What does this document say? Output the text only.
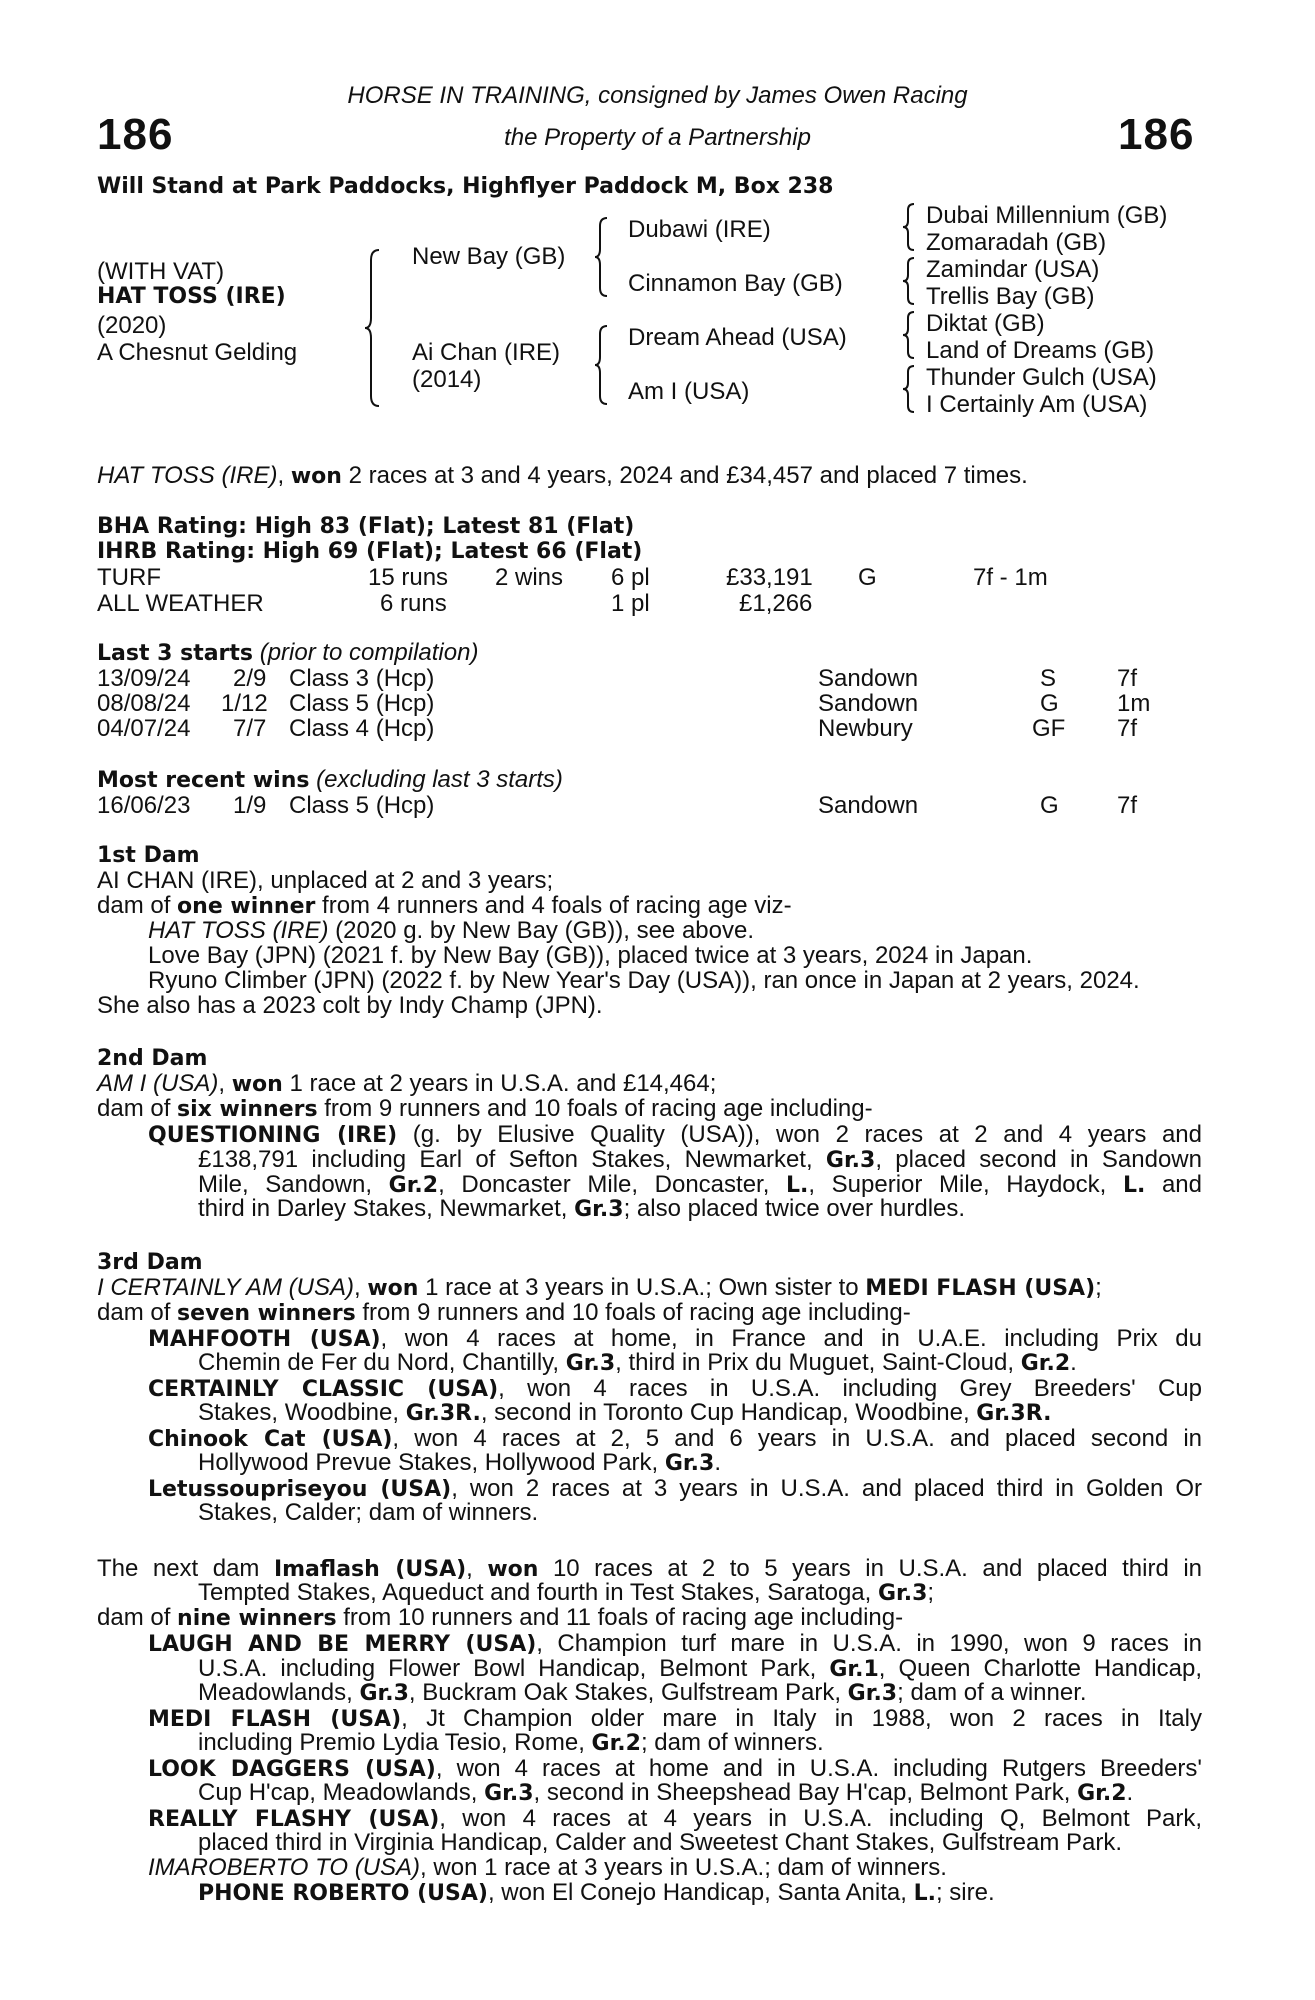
186	186
HORSE IN TRAINING, consigned by James Owen Racing
the Property of a Partnership
Will Stand at Park Paddocks, Highflyer Paddock M, Box 238
(WITH VAT)
HAT TOSS (IRE)
(2020)
A Chesnut Gelding
New Bay (GB)
Ai Chan (IRE)
(2014)
Dubawi (IRE)
Cinnamon Bay (GB)
Dream Ahead (USA)
Am I (USA)
Dubai Millennium (GB)
Zomaradah (GB)
Zamindar (USA)
Trellis Bay (GB)
Diktat (GB)
Land of Dreams (GB)
Thunder Gulch (USA)
I Certainly Am (USA)
HAT TOSS (IRE), won 2 races at 3 and 4 years, 2024 and £34,457 and placed 7 times.
BHA Rating: High 83 (Flat); Latest 81 (Flat)
IHRB Rating: High 69 (Flat); Latest 66 (Flat)
TURF	15 runs 2 wins 6 pl	£33,191 G	7f - 1m
ALL WEATHER	6 runs	1 pl	£1,266
Last 3 starts (prior to compilation)
13/09/24 2/9 Class 3 (Hcp)	Sandown	S	7f
08/08/24 1/12 Class 5 (Hcp)	Sandown	G 1m
04/07/24 7/7 Class 4 (Hcp)	Newbury	GF 7f
Most recent wins (excluding last 3 starts)
16/06/23 1/9 Class 5 (Hcp)	Sandown	G 7f
1st Dam
AI CHAN (IRE), unplaced at 2 and 3 years;
dam of one winner from 4 runners and 4 foals of racing age viz-
HAT TOSS (IRE) (2020 g. by New Bay (GB)), see above.
Love Bay (JPN) (2021 f. by New Bay (GB)), placed twice at 3 years, 2024 in Japan.
Ryuno Climber (JPN) (2022 f. by New Year's Day (USA)), ran once in Japan at 2 years, 2024.
She also has a 2023 colt by Indy Champ (JPN).
2nd Dam
AM I (USA), won 1 race at 2 years in U.S.A. and £14,464;
dam of six winners from 9 runners and 10 foals of racing age including-
QUESTIONING (IRE) (g. by Elusive Quality (USA)), won 2 races at 2 and 4 years and
£138,791 including Earl of Sefton Stakes, Newmarket, Gr.3, placed second in Sandown
Mile, Sandown, Gr.2, Doncaster Mile, Doncaster, L., Superior Mile, Haydock, L. and
third in Darley Stakes, Newmarket, Gr.3; also placed twice over hurdles.
3rd Dam
I CERTAINLY AM (USA), won 1 race at 3 years in U.S.A.; Own sister to MEDI FLASH (USA);
dam of seven winners from 9 runners and 10 foals of racing age including-
MAHFOOTH (USA), won 4 races at home, in France and in U.A.E. including Prix du
Chemin de Fer du Nord, Chantilly, Gr.3, third in Prix du Muguet, Saint-Cloud, Gr.2.
CERTAINLY CLASSIC (USA), won 4 races in U.S.A. including Grey Breeders' Cup
Stakes, Woodbine, Gr.3R., second in Toronto Cup Handicap, Woodbine, Gr.3R.
Chinook Cat (USA), won 4 races at 2, 5 and 6 years in U.S.A. and placed second in
Hollywood Prevue Stakes, Hollywood Park, Gr.3.
Letussoupriseyou (USA), won 2 races at 3 years in U.S.A. and placed third in Golden Or
Stakes, Calder; dam of winners.
The next dam Imaflash (USA), won 10 races at 2 to 5 years in U.S.A. and placed third in
Tempted Stakes, Aqueduct and fourth in Test Stakes, Saratoga, Gr.3;
dam of nine winners from 10 runners and 11 foals of racing age including-
LAUGH AND BE MERRY (USA), Champion turf mare in U.S.A. in 1990, won 9 races in
U.S.A. including Flower Bowl Handicap, Belmont Park, Gr.1, Queen Charlotte Handicap,
Meadowlands, Gr.3, Buckram Oak Stakes, Gulfstream Park, Gr.3; dam of a winner.
MEDI FLASH (USA), Jt Champion older mare in Italy in 1988, won 2 races in Italy
including Premio Lydia Tesio, Rome, Gr.2; dam of winners.
LOOK DAGGERS (USA), won 4 races at home and in U.S.A. including Rutgers Breeders'
Cup H'cap, Meadowlands, Gr.3, second in Sheepshead Bay H'cap, Belmont Park, Gr.2.
REALLY FLASHY (USA), won 4 races at 4 years in U.S.A. including Q, Belmont Park,
placed third in Virginia Handicap, Calder and Sweetest Chant Stakes, Gulfstream Park.
IMAROBERTO TO (USA), won 1 race at 3 years in U.S.A.; dam of winners.
PHONE ROBERTO (USA), won El Conejo Handicap, Santa Anita, L.; sire.
